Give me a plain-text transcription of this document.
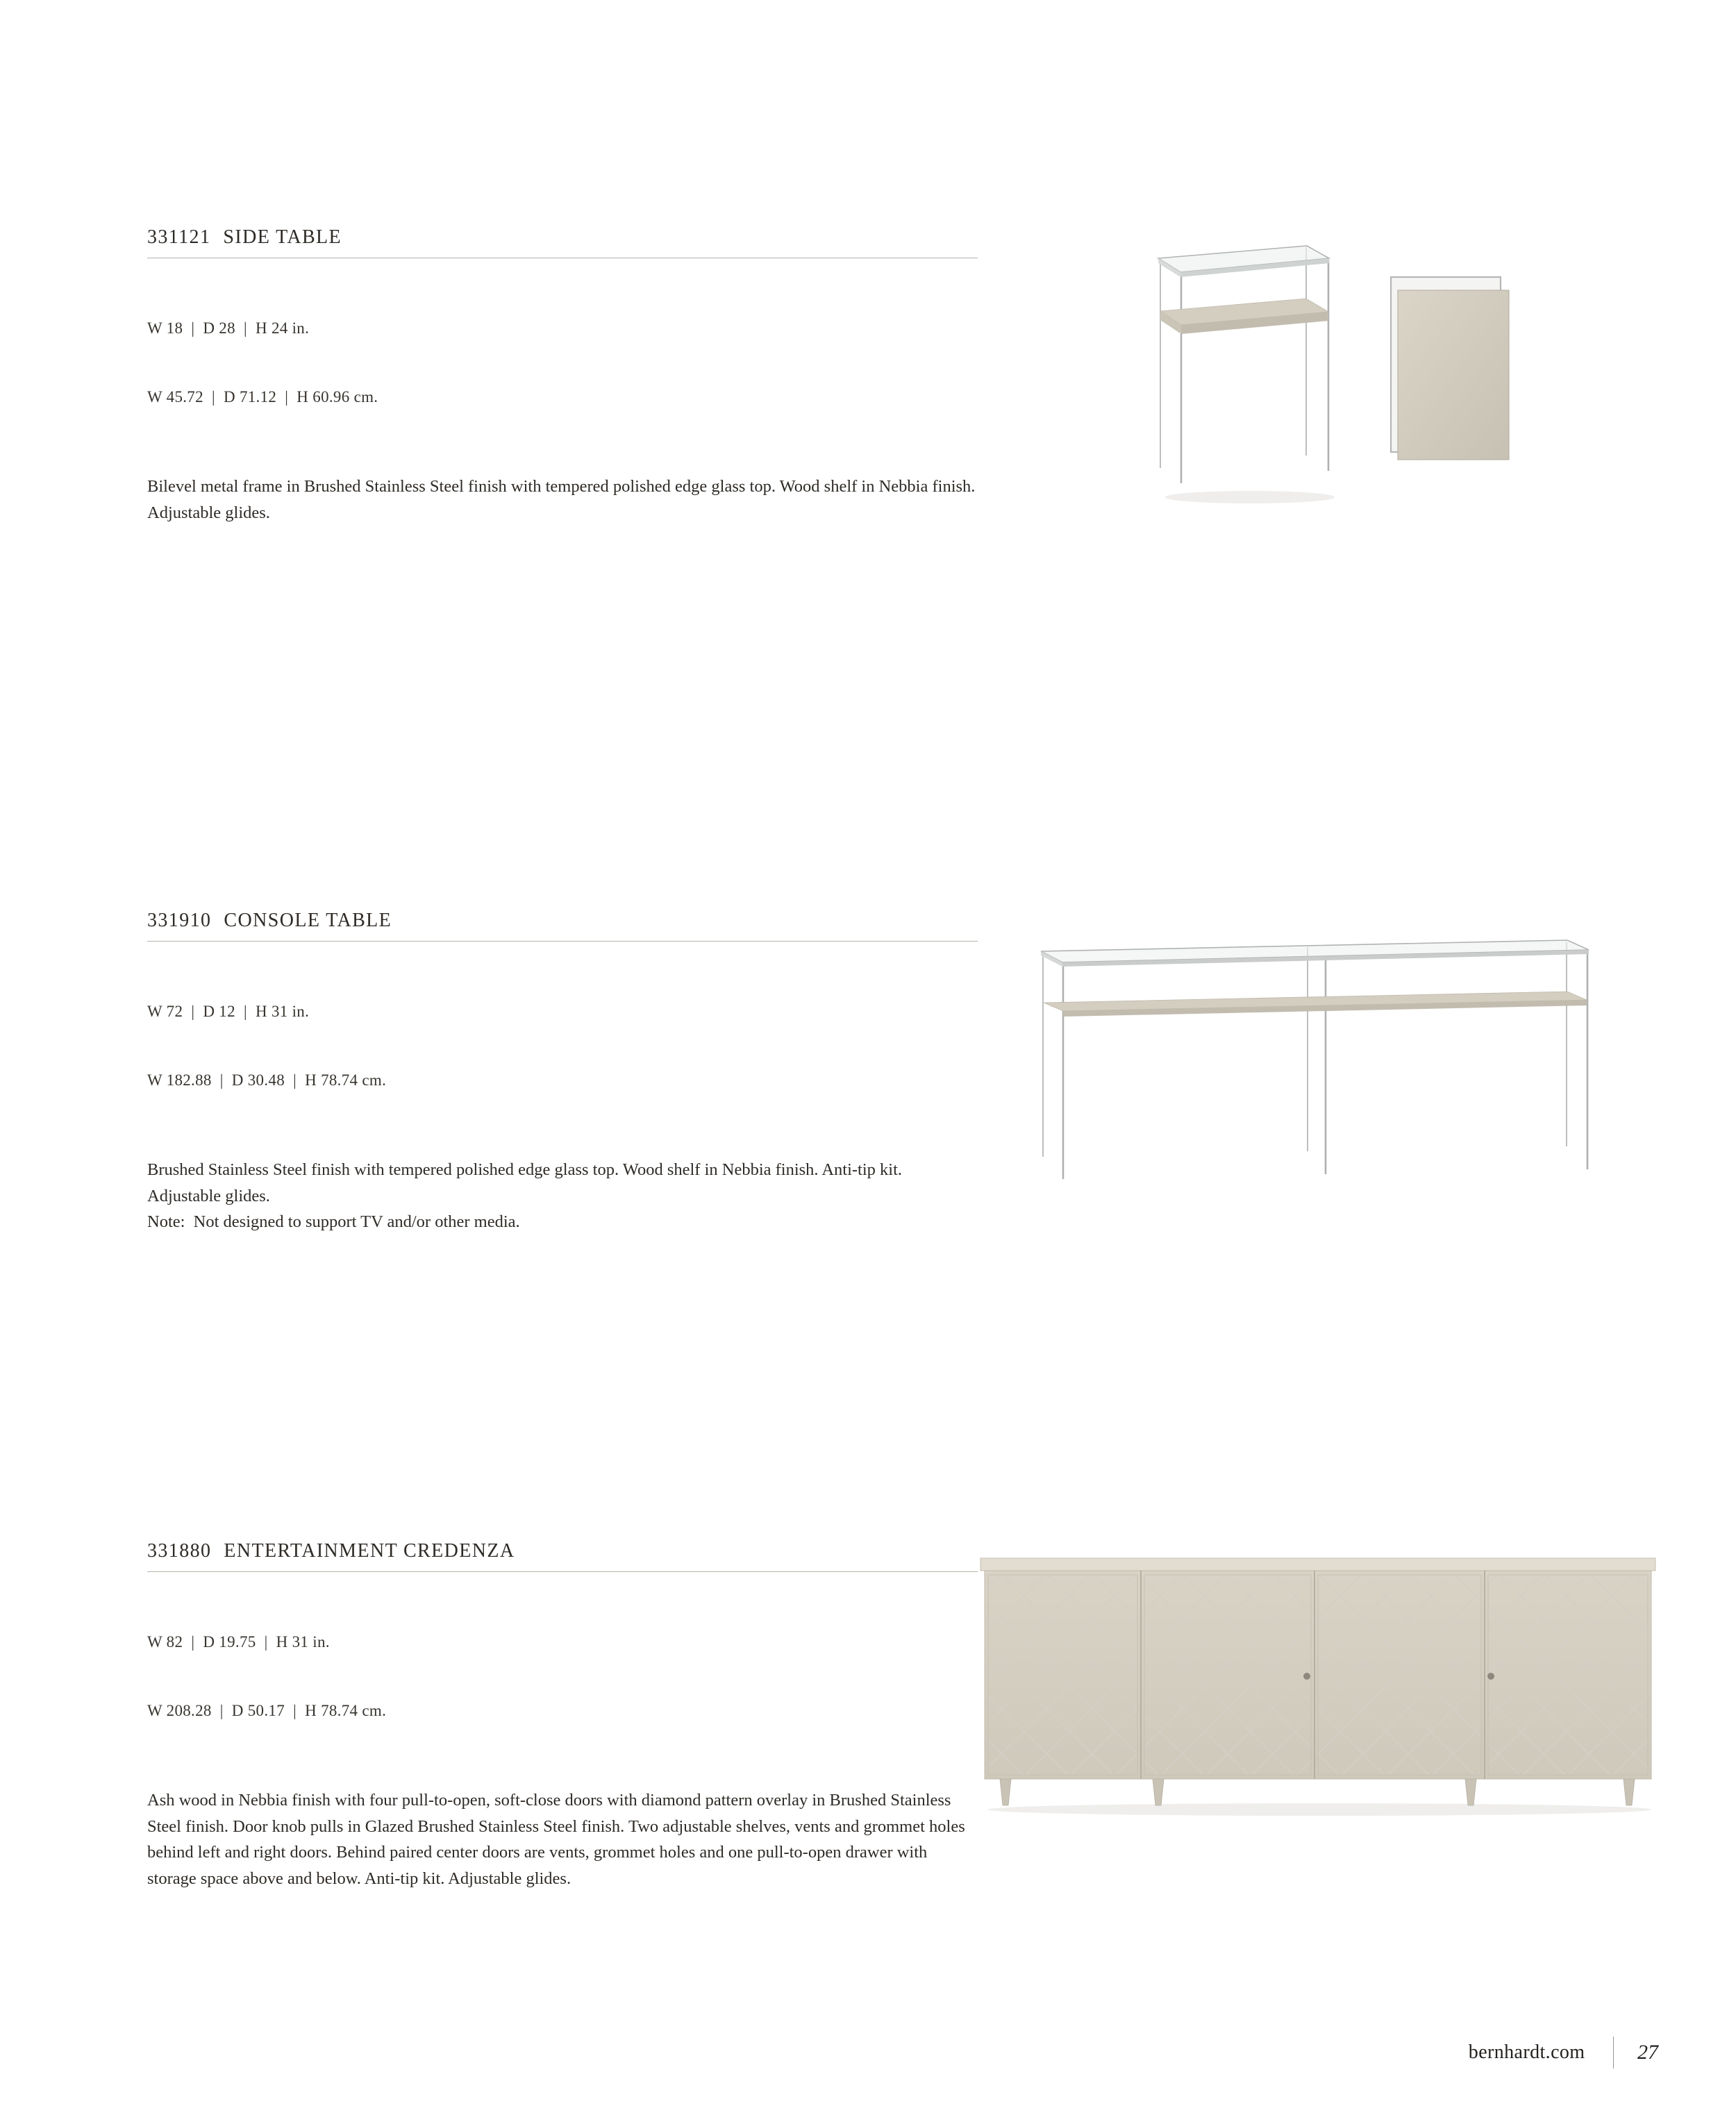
331121 SIDE TABLE

W 18  |  D 28  |  H 24 in.

W 45.72  |  D 71.12  |  H 60.96 cm.

Bilevel metal frame in Brushed Stainless Steel finish with tempered polished edge glass top. Wood shelf in Nebbia finish. Adjustable glides.

331910 CONSOLE TABLE

W 72  |  D 12  |  H 31 in.

W 182.88  |  D 30.48  |  H 78.74 cm.

Brushed Stainless Steel finish with tempered polished edge glass top. Wood shelf in Nebbia finish. Anti-tip kit. Adjustable glides.

Note:  Not designed to support TV and/or other media.

331880 ENTERTAINMENT CREDENZA

W 82  |  D 19.75  |  H 31 in.

W 208.28  |  D 50.17  |  H 78.74 cm.

Ash wood in Nebbia finish with four pull-to-open, soft-close doors with diamond pattern overlay in Brushed Stainless Steel finish. Door knob pulls in Glazed Brushed Stainless Steel finish. Two adjustable shelves, vents and grommet holes behind left and right doors. Behind paired center doors are vents, grommet holes and one pull-to-open drawer with storage space above and below. Anti-tip kit. Adjustable glides.

bernhardt.com	27
